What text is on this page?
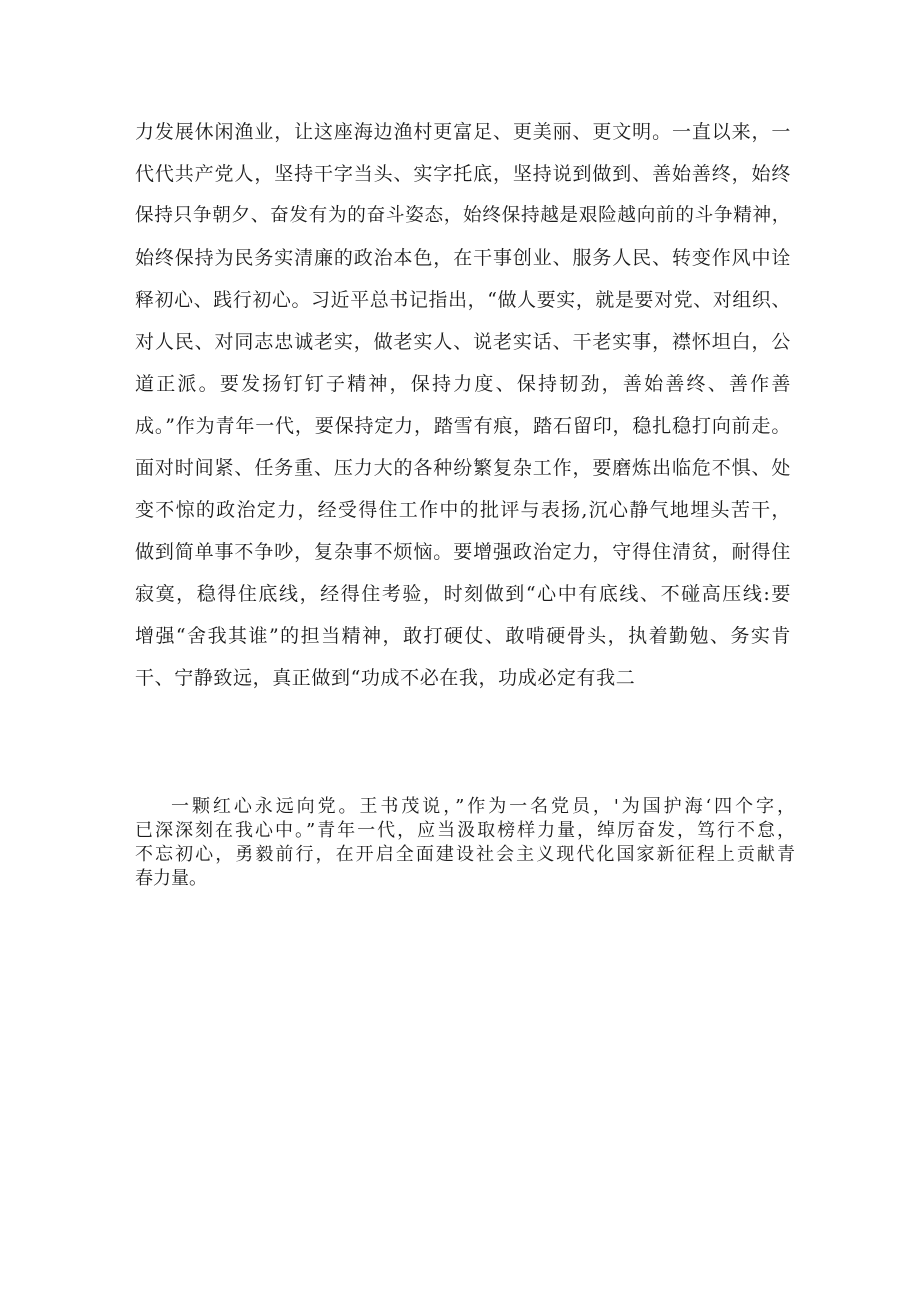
力发展休闲渔业，让这座海边渔村更富足、更美丽、更文明。一直以来，一
代代共产党人，坚持干字当头、实字托底，坚持说到做到、善始善终，始终
保持只争朝夕、奋发有为的奋斗姿态，始终保持越是艰险越向前的斗争精神，
始终保持为民务实清廉的政治本色，在干事创业、服务人民、转变作风中诠
释初心、践行初心。习近平总书记指出，“做人要实，就是要对党、对组织、
对人民、对同志忠诚老实，做老实人、说老实话、干老实事，襟怀坦白，公
道正派。要发扬钉钉子精神，保持力度、保持韧劲，善始善终、善作善
成。”作为青年一代，要保持定力，踏雪有痕，踏石留印，稳扎稳打向前走。
面对时间紧、任务重、压力大的各种纷繁复杂工作，要磨炼出临危不惧、处
变不惊的政治定力，经受得住工作中的批评与表扬,沉心静气地埋头苦干，
做到简单事不争吵，复杂事不烦恼。要增强政治定力，守得住清贫，耐得住
寂寞，稳得住底线，经得住考验，时刻做到“心中有底线、不碰高压线:要
增强“舍我其谁”的担当精神，敢打硬仗、敢啃硬骨头，执着勤勉、务实肯
干、宁静致远，真正做到“功成不必在我，功成必定有我二

一颗红心永远向党。王书茂说，”作为一名党员，'为国护海‘四个字，
已深深刻在我心中。”青年一代，应当汲取榜样力量，绰厉奋发，笃行不怠，
不忘初心，勇毅前行，在开启全面建设社会主义现代化国家新征程上贡献青
春力量。
